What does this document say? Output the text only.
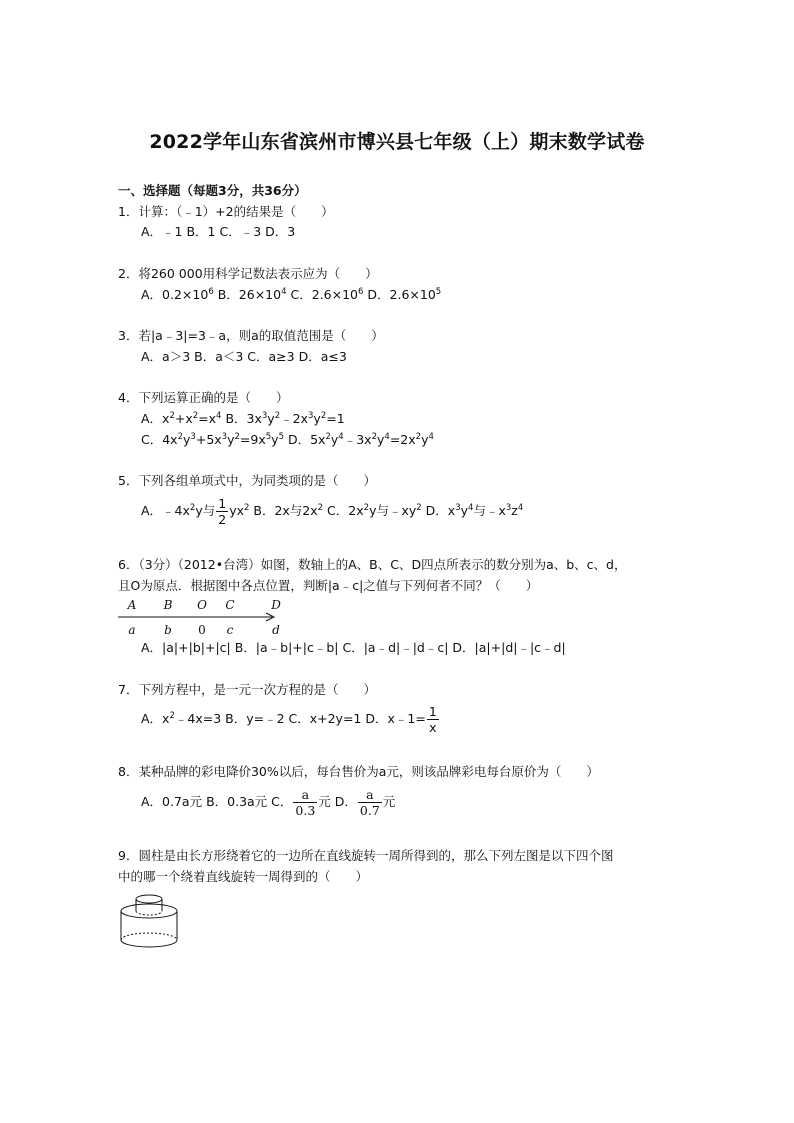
2022学年山东省滨州市博兴县七年级（上）期末数学试卷
一、选择题（每题3分，共36分）
1．计算：（﹣1）+2的结果是（　　）
A．﹣1 B．1 C．﹣3 D．3
2．将260 000用科学记数法表示应为（　　）
A．$0.2\times 10^6$ B．$26\times 10^4$ C．$2.6\times 10^6$ D．$2.6\times 10^5$
3．若|a﹣3|=3﹣a，则a的取值范围是（　　）
A．a＞3 B．a＜3 C．a≥3 D．a≤3
4．下列运算正确的是（　　）
A．$x^2+x^2=x^4$ B．$3x^3y^2﹣2x^3y^2=1$
C．$4x^2y^3+5x^3y^2=9x^5y^5$ D．$5x^2y^4﹣3x^2y^4=2x^2y^4$
5．下列各组单项式中，为同类项的是（　　）
A．$﹣4x^2y$与 $\frac{1}{2} yx^2$ B．2x与$2x^2$ C．$2x^2y$与$﹣xy^2$ D．$x^3y^4$与$﹣x^3z^4$
6．（3分）（2012•台湾）如图，数轴上的A、B、C、D四点所表示的数分别为a、b、c、d，
且O为原点．根据图中各点位置，判断|a﹣c|之值与下列何者不同？（　　）
A B O C	D
a b 0 c	d
A．|a|+|b|+|c| B．|a﹣b|+|c﹣b| C．|a﹣d|﹣|d﹣c| D．|a|+|d|﹣|c﹣d|
7．下列方程中，是一元一次方程的是（　　）
A．$x^2﹣4x=3$ B．y=﹣2 C．x+2y=1 D．x﹣1= $\frac{1}{x}$
8．某种品牌的彩电降价30%以后，每台售价为a元，则该品牌彩电每台原价为（　　）
A．0.7a元 B．0.3a元 C． $\frac{a}{0.3}$ 元 D． $\frac{a}{0.7}$ 元
9．圆柱是由长方形绕着它的一边所在直线旋转一周所得到的，那么下列左图是以下四个图
中的哪一个绕着直线旋转一周得到的（　　）
